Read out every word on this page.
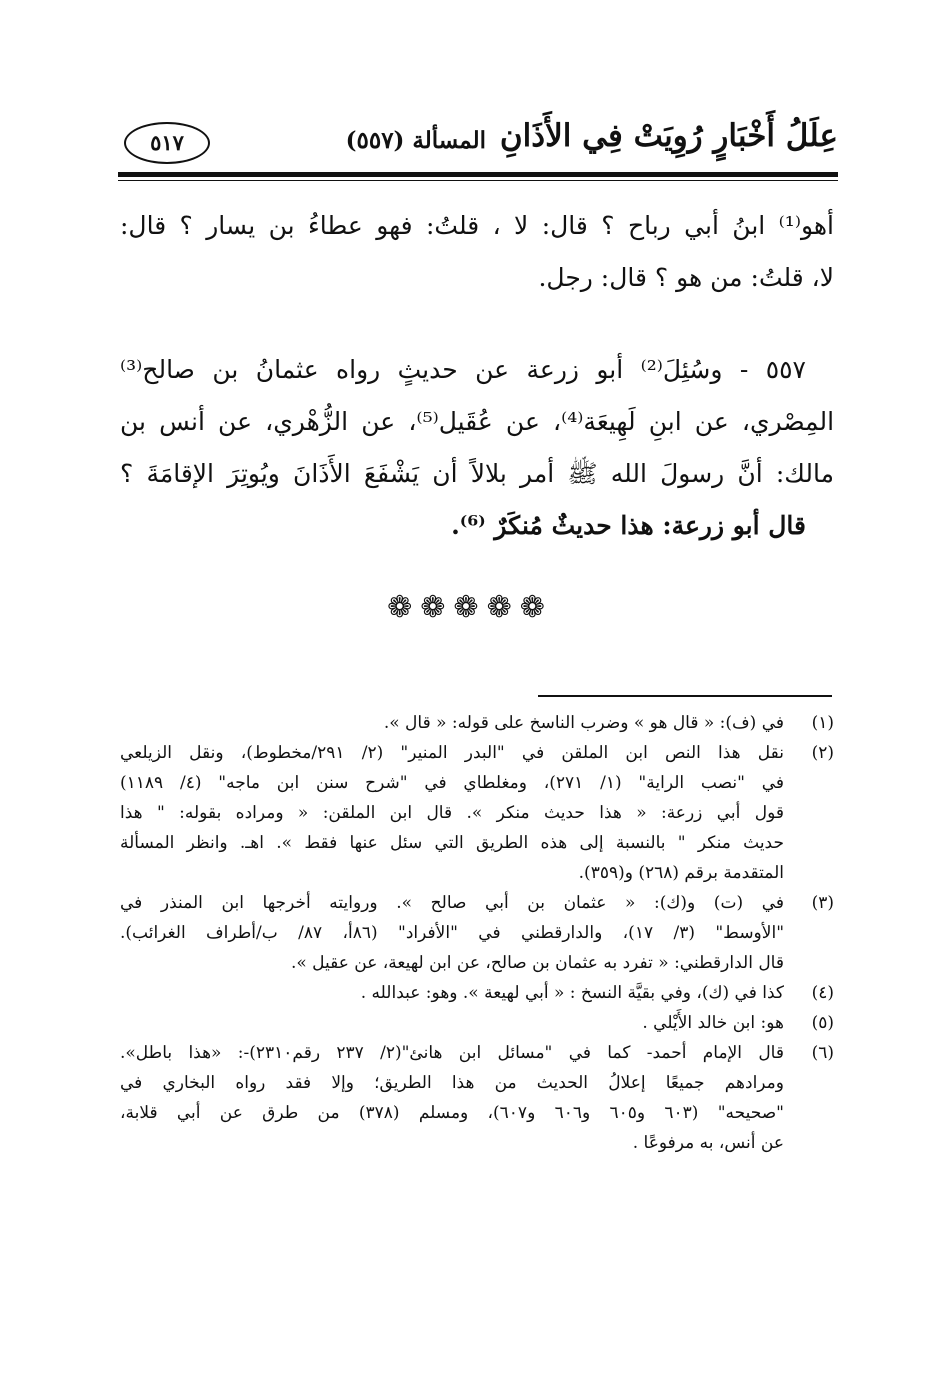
عِلَلُ أَخْبَارٍ رُوِيَتْ فِي الأَذَانِ
المسألة (٥٥٧)
٥١٧
أهو⁽¹⁾ ابنُ أبي رباح ؟ قال: لا ، قلتُ: فهو عطاءُ بن يسار ؟ قال:
لا، قلتُ: من هو ؟ قال: رجل.
٥٥٧ - وسُئِلَ⁽²⁾ أبو زرعة عن حديثٍ رواه عثمانُ بن صالح⁽³⁾
المِصْري، عن ابنِ لَهِيعَة⁽⁴⁾، عن عُقَيل⁽⁵⁾، عن الزُّهْري، عن أنس بن
مالك: أنَّ رسولَ الله ﷺ أمر بلالاً أن يَشْفَعَ الأَذَانَ ويُوتِرَ الإقامَةَ ؟
قال أبو زرعة: هذا حديثٌ مُنكَرٌ ⁽⁶⁾.
❁❁❁❁❁
(١)
في (ف): « قال هو » وضرب الناسخ على قوله: « قال ».
(٢)
نقل هذا النص ابن الملقن في "البدر المنير" (٢/ ٢٩١/مخطوط)، ونقل الزيلعي
في "نصب الراية" (١/ ٢٧١)، ومغلطاي في "شرح سنن ابن ماجه" (٤/ ١١٨٩)
قول أبي زرعة: « هذا حديث منكر ». قال ابن الملقن: « ومراده بقوله: " هذا
حديث منكر " بالنسبة إلى هذه الطريق التي سئل عنها فقط ». اهـ. وانظر المسألة
المتقدمة برقم (٢٦٨) و(٣٥٩).
(٣)
في (ت) و(ك): « عثمان بن أبي صالح ». وروايته أخرجها ابن المنذر في
"الأوسط" (٣/ ١٧)، والدارقطني في "الأفراد" (٨٦أ، ٨٧/ ب/أطراف الغرائب).
قال الدارقطني: « تفرد به عثمان بن صالح، عن ابن لهيعة، عن عقيل ».
(٤)
كذا في (ك)، وفي بقيَّة النسخ : « أبي لهيعة ». وهو: عبدالله .
(٥)
هو: ابن خالد الأَيْلي .
(٦)
قال الإمام أحمد- كما في "مسائل ابن هانئ"(٢/ ٢٣٧ رقم٢٣١٠)-: «هذا باطل».
ومرادهم جميعًا إعلالُ الحديث من هذا الطريق؛ وإلا فقد رواه البخاري في
"صحيحه" (٦٠٣ و٦٠٥ و٦٠٦ و٦٠٧)، ومسلم (٣٧٨) من طرق عن أبي قلابة،
عن أنس، به مرفوعًا .
